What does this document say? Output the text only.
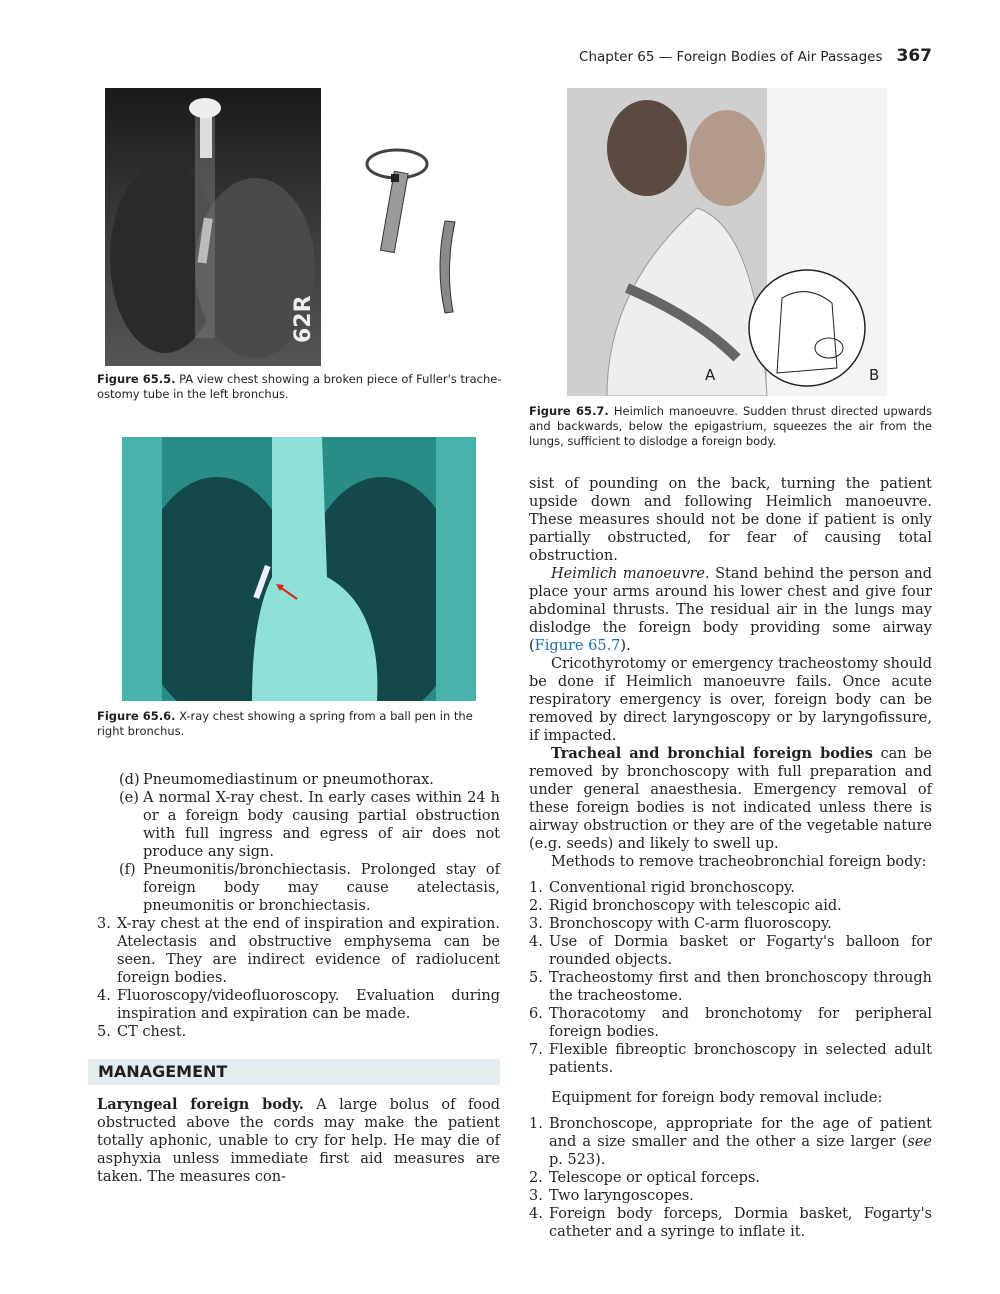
Chapter 65 — Foreign Bodies of Air Passages 367
62R
Figure 65.5. PA view chest showing a broken piece of Fuller's trache-ostomy tube in the left bronchus.
A	B
Figure 65.7. Heimlich manoeuvre. Sudden thrust directed upwards and backwards, below the epigastrium, squeezes the air from the lungs, sufficient to dislodge a foreign body.
Figure 65.6. X-ray chest showing a spring from a ball pen in the right bronchus.
(d) Pneumomediastinum or pneumothorax.
(e) A normal X-ray chest. In early cases within 24 h or a foreign body causing partial obstruction with full ingress and egress of air does not produce any sign.
(f) Pneumonitis/bronchiectasis. Prolonged stay of foreign body may cause atelectasis, pneumonitis or bronchiectasis.
3. X-ray chest at the end of inspiration and expiration. Atelectasis and obstructive emphysema can be seen. They are indirect evidence of radiolucent foreign bodies.
4. Fluoroscopy/videofluoroscopy. Evaluation during inspiration and expiration can be made.
5. CT chest.
MANAGEMENT

Laryngeal foreign body. A large bolus of food obstructed above the cords may make the patient totally aphonic, unable to cry for help. He may die of asphyxia unless immediate first aid measures are taken. The measures con-

sist of pounding on the back, turning the patient upside down and following Heimlich manoeuvre. These measures should not be done if patient is only partially obstructed, for fear of causing total obstruction.

Heimlich manoeuvre. Stand behind the person and place your arms around his lower chest and give four abdominal thrusts. The residual air in the lungs may dislodge the foreign body providing some airway (Figure 65.7).

Cricothyrotomy or emergency tracheostomy should be done if Heimlich manoeuvre fails. Once acute respiratory emergency is over, foreign body can be removed by direct laryngoscopy or by laryngofissure, if impacted.

Tracheal and bronchial foreign bodies can be removed by bronchoscopy with full preparation and under general anaesthesia. Emergency removal of these foreign bodies is not indicated unless there is airway obstruction or they are of the vegetable nature (e.g. seeds) and likely to swell up.

Methods to remove tracheobronchial foreign body:

1. Conventional rigid bronchoscopy.
2. Rigid bronchoscopy with telescopic aid.
3. Bronchoscopy with C-arm fluoroscopy.
4. Use of Dormia basket or Fogarty's balloon for rounded objects.
5. Tracheostomy first and then bronchoscopy through the tracheostome.
6. Thoracotomy and bronchotomy for peripheral foreign bodies.
7. Flexible fibreoptic bronchoscopy in selected adult patients.

Equipment for foreign body removal include:

1. Bronchoscope, appropriate for the age of patient and a size smaller and the other a size larger (see p. 523).
2. Telescope or optical forceps.
3. Two laryngoscopes.
4. Foreign body forceps, Dormia basket, Fogarty's catheter and a syringe to inflate it.
